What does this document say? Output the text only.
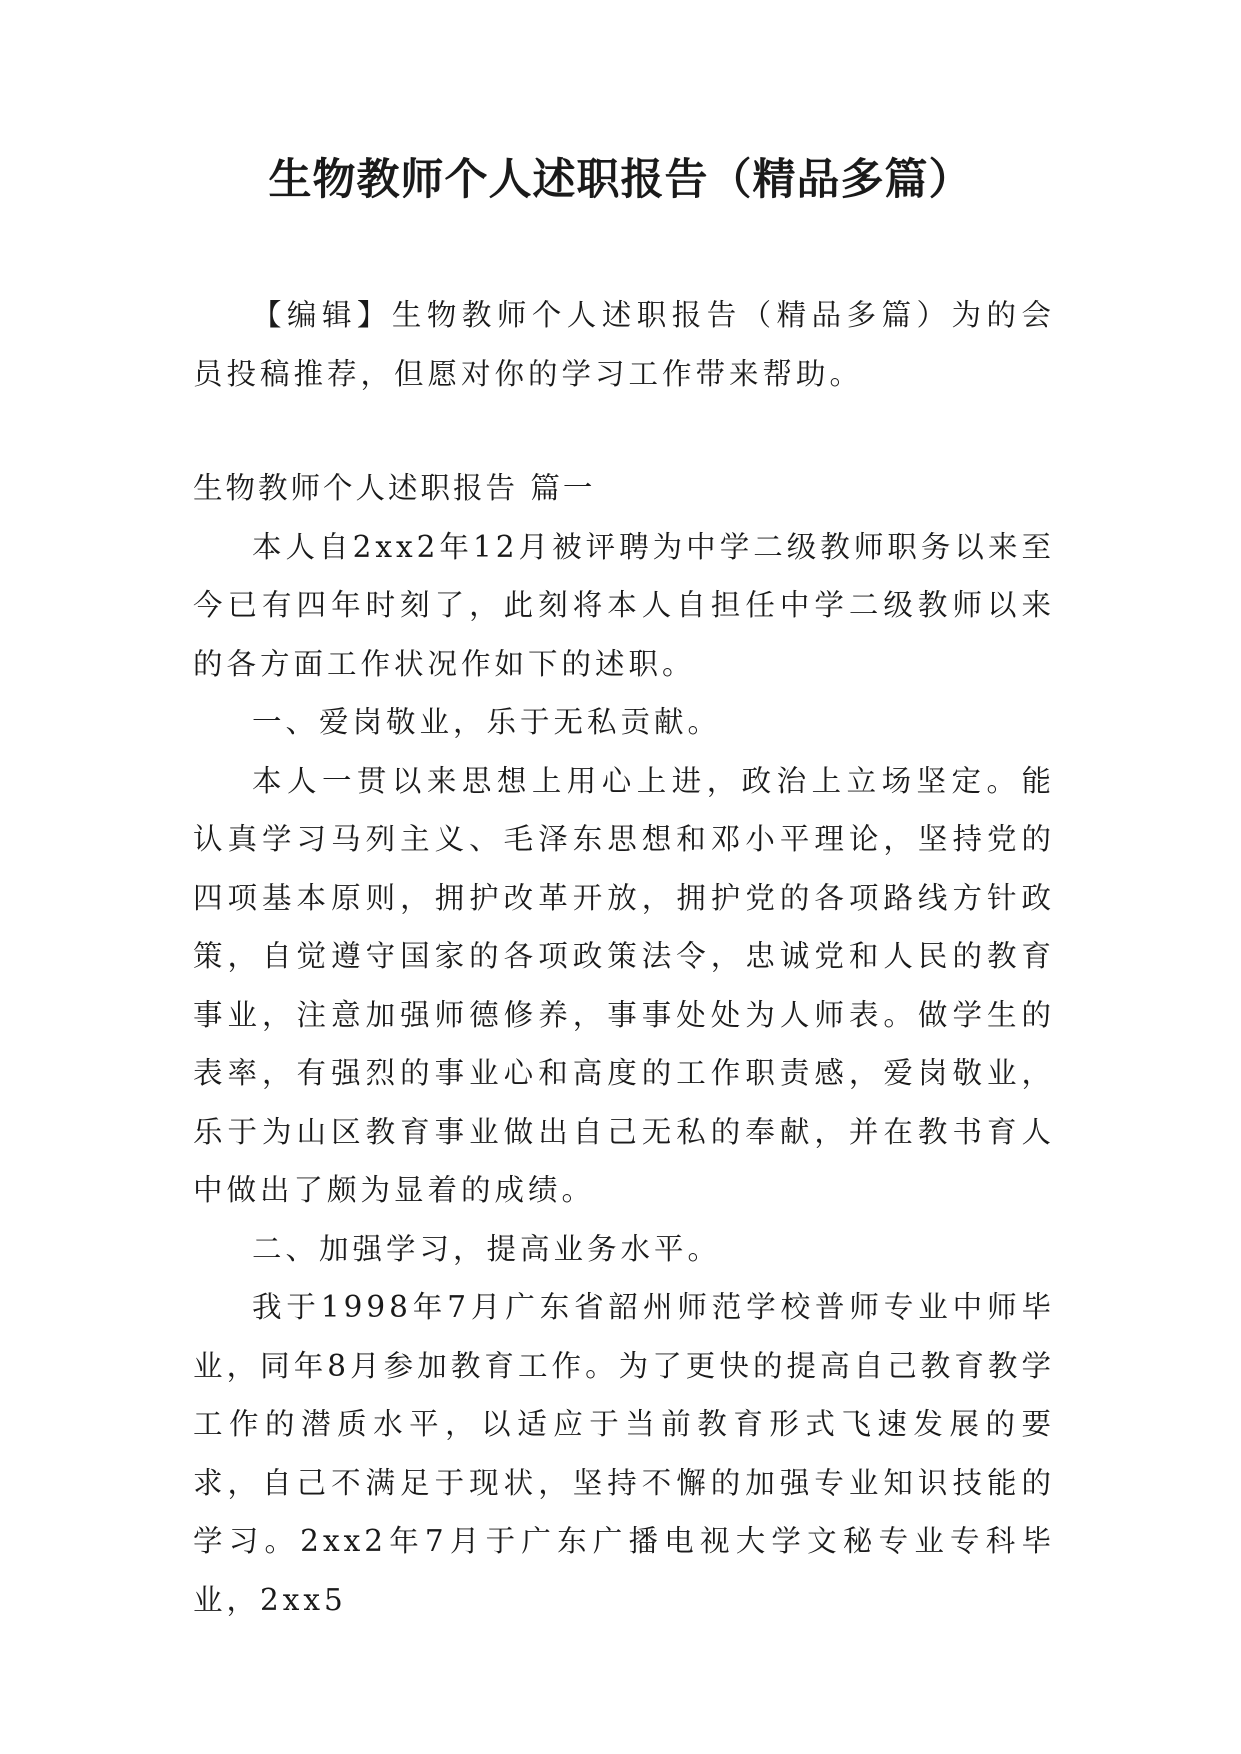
生物教师个人述职报告（精品多篇）

【编辑】生物教师个人述职报告（精品多篇）为的会员投稿推荐，但愿对你的学习工作带来帮助。

生物教师个人述职报告 篇一

本人自2xx2年12月被评聘为中学二级教师职务以来至今已有四年时刻了，此刻将本人自担任中学二级教师以来的各方面工作状况作如下的述职。

一、爱岗敬业，乐于无私贡献。

本人一贯以来思想上用心上进，政治上立场坚定。能认真学习马列主义、毛泽东思想和邓小平理论，坚持党的四项基本原则，拥护改革开放，拥护党的各项路线方针政策，自觉遵守国家的各项政策法令，忠诚党和人民的教育事业，注意加强师德修养，事事处处为人师表。做学生的表率，有强烈的事业心和高度的工作职责感，爱岗敬业，乐于为山区教育事业做出自己无私的奉献，并在教书育人中做出了颇为显着的成绩。

二、加强学习，提高业务水平。

我于1998年7月广东省韶州师范学校普师专业中师毕业，同年8月参加教育工作。为了更快的提高自己教育教学工作的潜质水平，以适应于当前教育形式飞速发展的要求，自己不满足于现状，坚持不懈的加强专业知识技能的学习。2xx2年7月于广东广播电视大学文秘专业专科毕业，2xx5
